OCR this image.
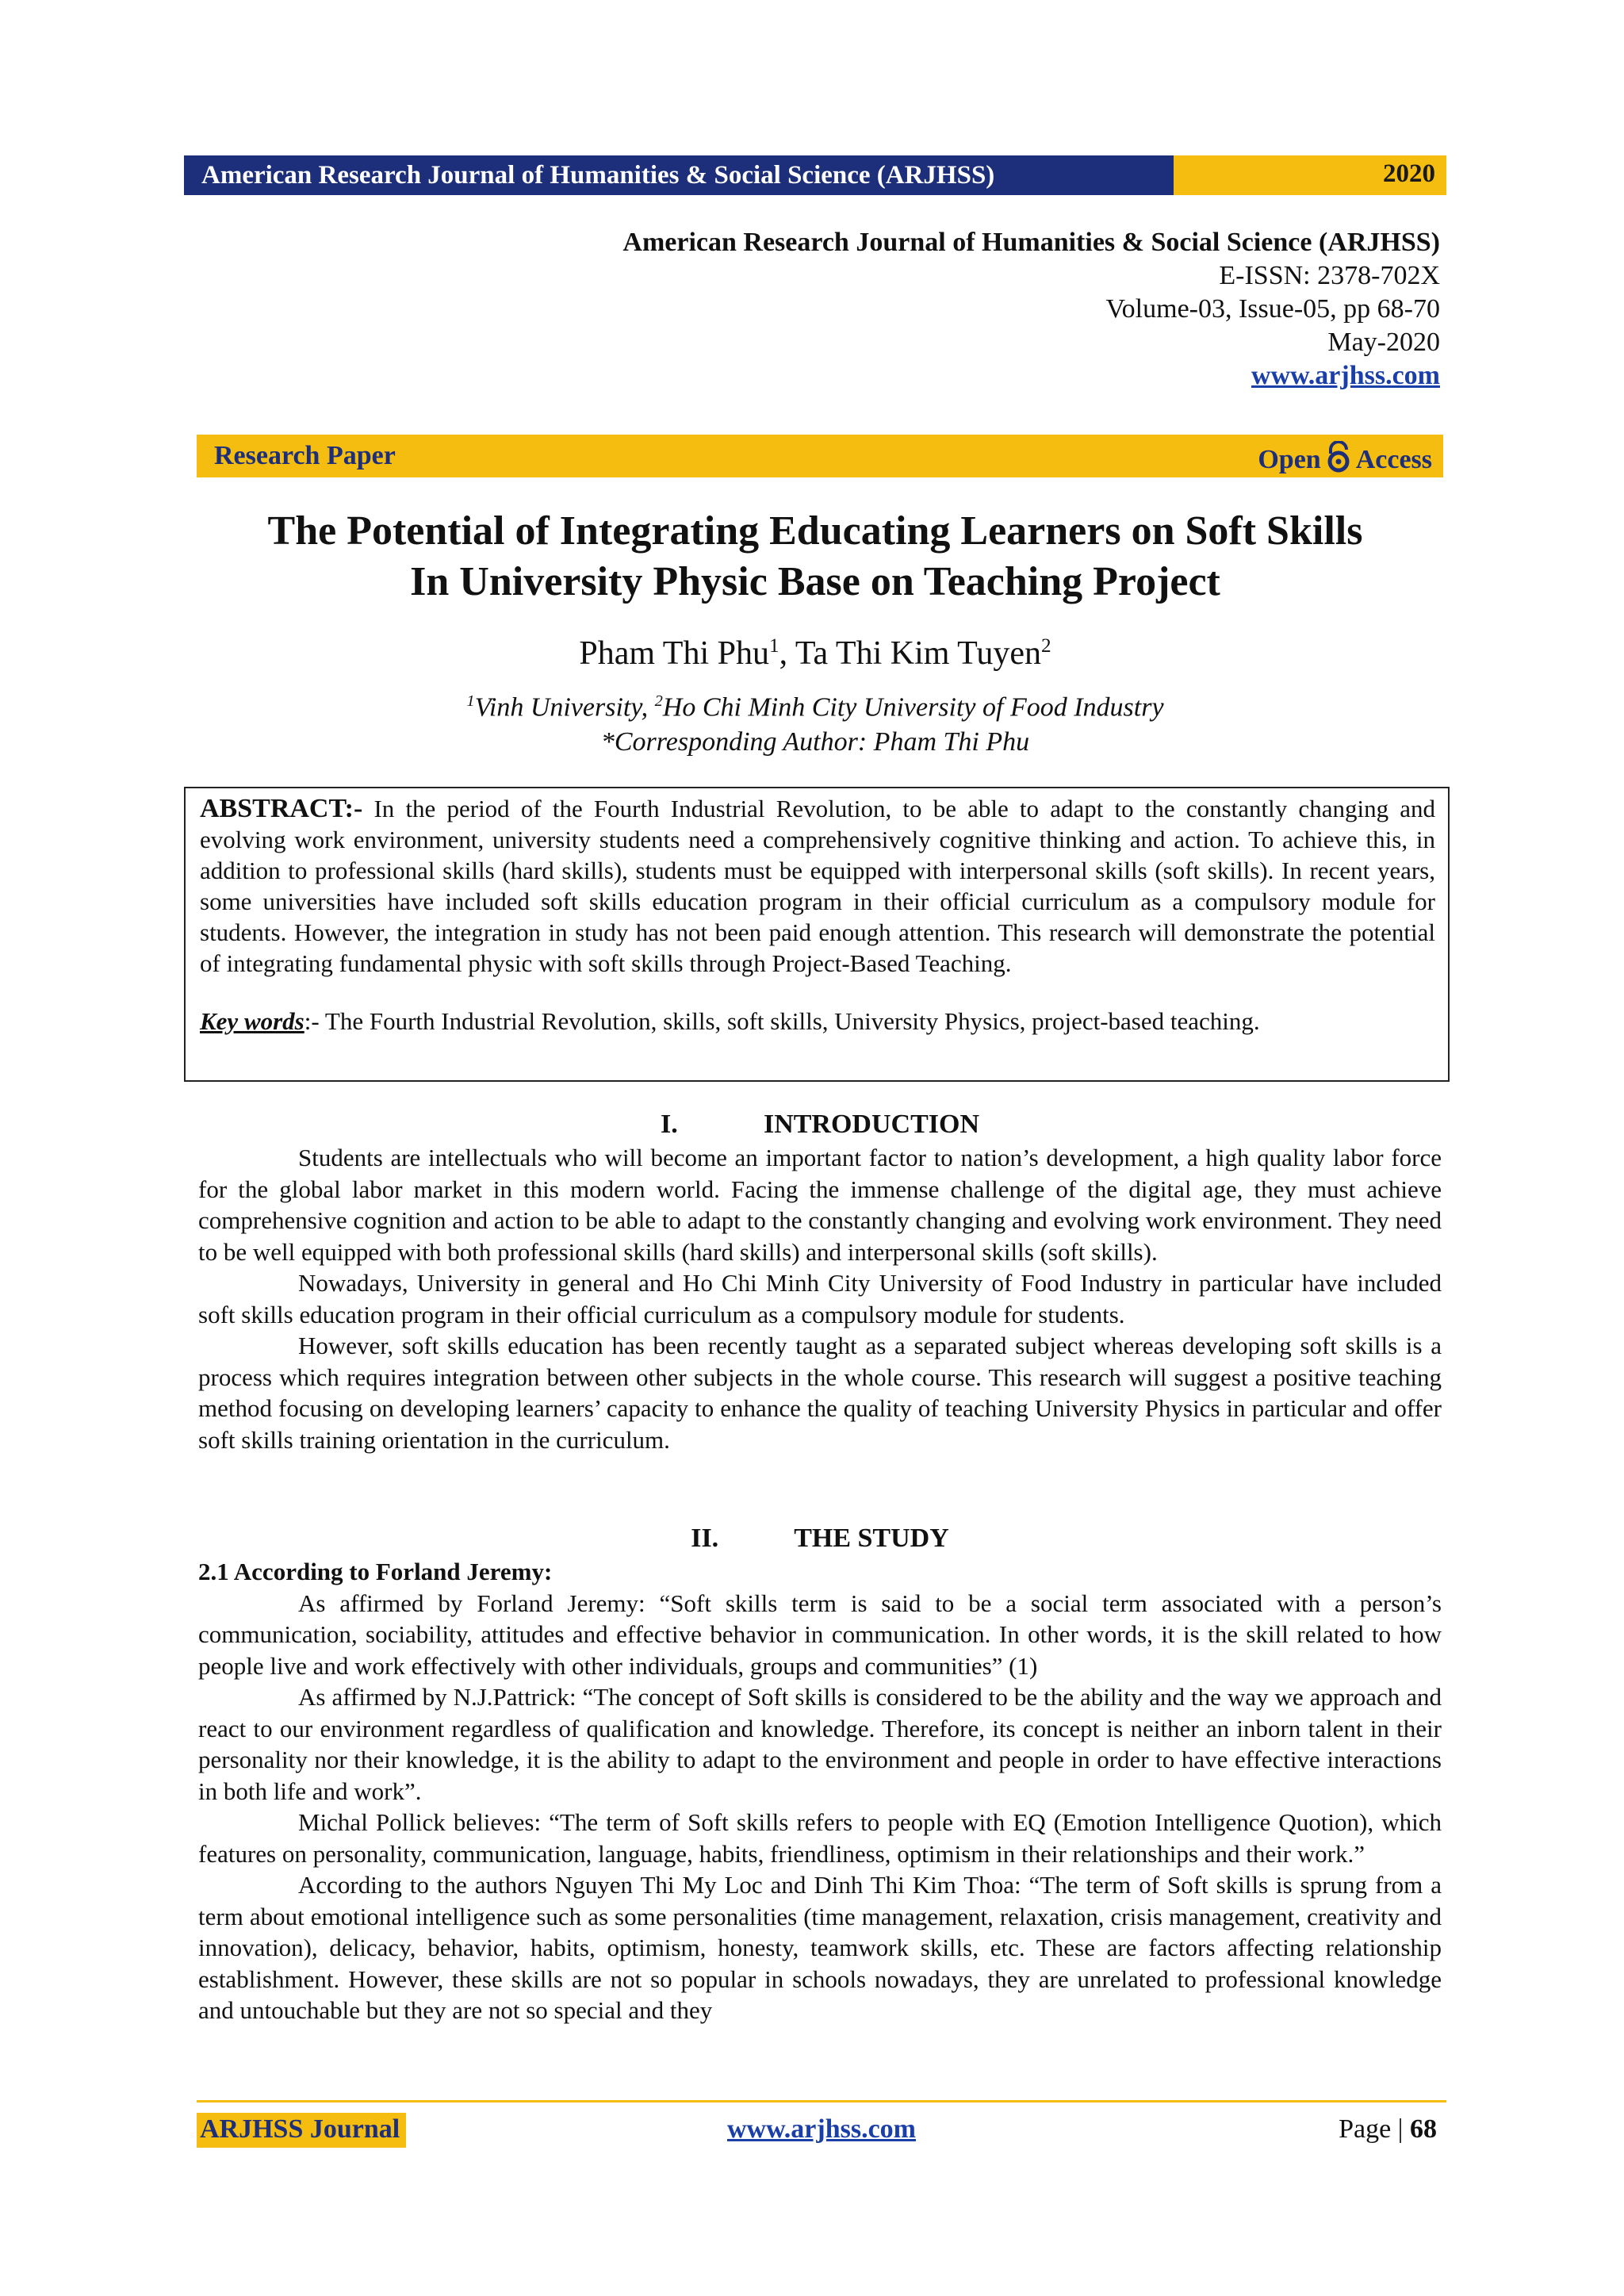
American Research Journal of Humanities & Social Science (ARJHSS)	2020
American Research Journal of Humanities & Social Science (ARJHSS)
E-ISSN: 2378-702X
Volume-03, Issue-05, pp 68-70
May-2020
www.arjhss.com
Research Paper	Open Access
The Potential of Integrating Educating Learners on Soft Skills
In University Physic Base on Teaching Project
Pham Thi Phu$^1$, Ta Thi Kim Tuyen$^2$
$^1$Vinh University, $^2$Ho Chi Minh City University of Food Industry
*Corresponding Author: Pham Thi Phu
ABSTRACT:- In the period of the Fourth Industrial Revolution, to be able to adapt to the constantly changing and evolving work environment, university students need a comprehensively cognitive thinking and action. To achieve this, in addition to professional skills (hard skills), students must be equipped with interpersonal skills (soft skills). In recent years, some universities have included soft skills education program in their official curriculum as a compulsory module for students. However, the integration in study has not been paid enough attention. This research will demonstrate the potential of integrating fundamental physic with soft skills through Project-Based Teaching.
Key words:- The Fourth Industrial Revolution, skills, soft skills, University Physics, project-based teaching.
I.	INTRODUCTION

Students are intellectuals who will become an important factor to nation’s development, a high quality labor force for the global labor market in this modern world. Facing the immense challenge of the digital age, they must achieve comprehensive cognition and action to be able to adapt to the constantly changing and evolving work environment. They need to be well equipped with both professional skills (hard skills) and interpersonal skills (soft skills).

Nowadays, University in general and Ho Chi Minh City University of Food Industry in particular have included soft skills education program in their official curriculum as a compulsory module for students.

However, soft skills education has been recently taught as a separated subject whereas developing soft skills is a process which requires integration between other subjects in the whole course. This research will suggest a positive teaching method focusing on developing learners’ capacity to enhance the quality of teaching University Physics in particular and offer soft skills training orientation in the curriculum.

II.	THE STUDY

2.1 According to Forland Jeremy:

As affirmed by Forland Jeremy: “Soft skills term is said to be a social term associated with a person’s communication, sociability, attitudes and effective behavior in communication. In other words, it is the skill related to how people live and work effectively with other individuals, groups and communities” (1)

As affirmed by N.J.Pattrick: “The concept of Soft skills is considered to be the ability and the way we approach and react to our environment regardless of qualification and knowledge. Therefore, its concept is neither an inborn talent in their personality nor their knowledge, it is the ability to adapt to the environment and people in order to have effective interactions in both life and work”.

Michal Pollick believes: “The term of Soft skills refers to people with EQ (Emotion Intelligence Quotion), which features on personality, communication, language, habits, friendliness, optimism in their relationships and their work.”

According to the authors Nguyen Thi My Loc and Dinh Thi Kim Thoa: “The term of Soft skills is sprung from a term about emotional intelligence such as some personalities (time management, relaxation, crisis management, creativity and innovation), delicacy, behavior, habits, optimism, honesty, teamwork skills, etc. These are factors affecting relationship establishment. However, these skills are not so popular in schools nowadays, they are unrelated to professional knowledge and untouchable but they are not so special and they

ARJHSS Journal	www.arjhss.com	Page | 68
